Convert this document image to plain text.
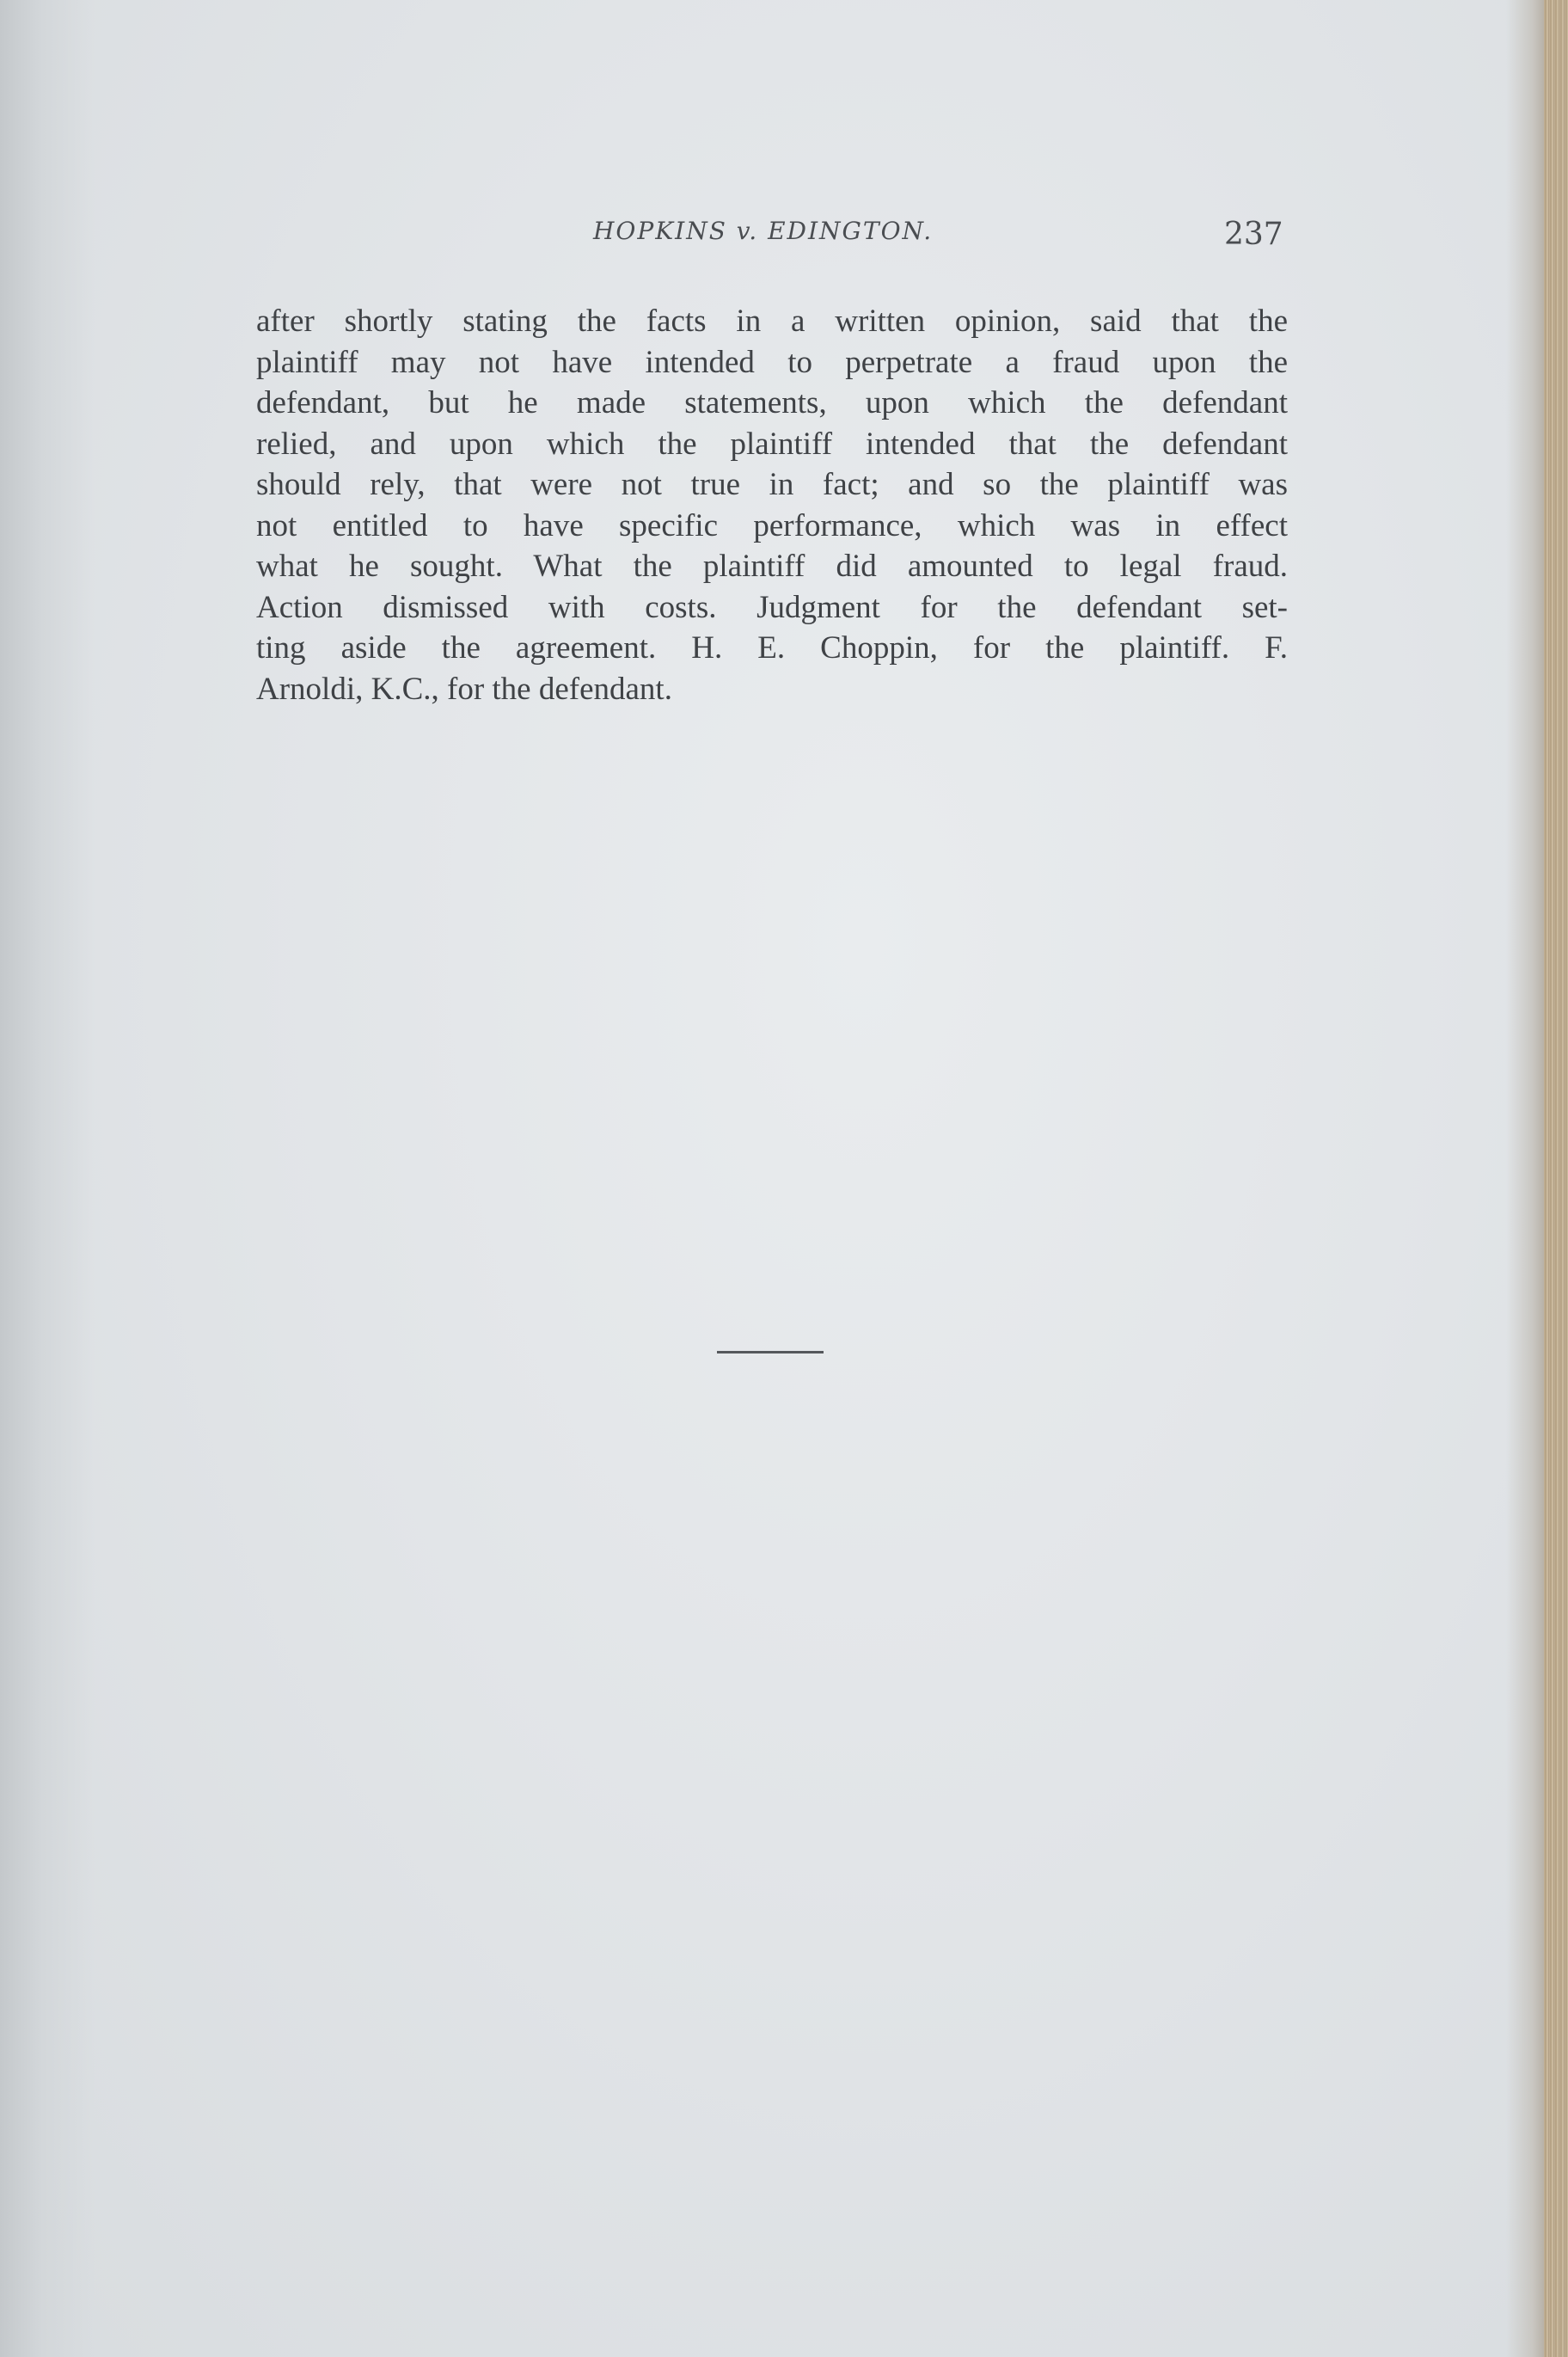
HOPKINS v. EDINGTON.	237

after shortly stating the facts in a written opinion, said that the
plaintiff may not have intended to perpetrate a fraud upon the
defendant, but he made statements, upon which the defendant
relied, and upon which the plaintiff intended that the defendant
should rely, that were not true in fact; and so the plaintiff was
not entitled to have specific performance, which was in effect
what he sought. What the plaintiff did amounted to legal fraud.
Action dismissed with costs. Judgment for the defendant set-
ting aside the agreement. H. E. Choppin, for the plaintiff. F.
Arnoldi, K.C., for the defendant.
